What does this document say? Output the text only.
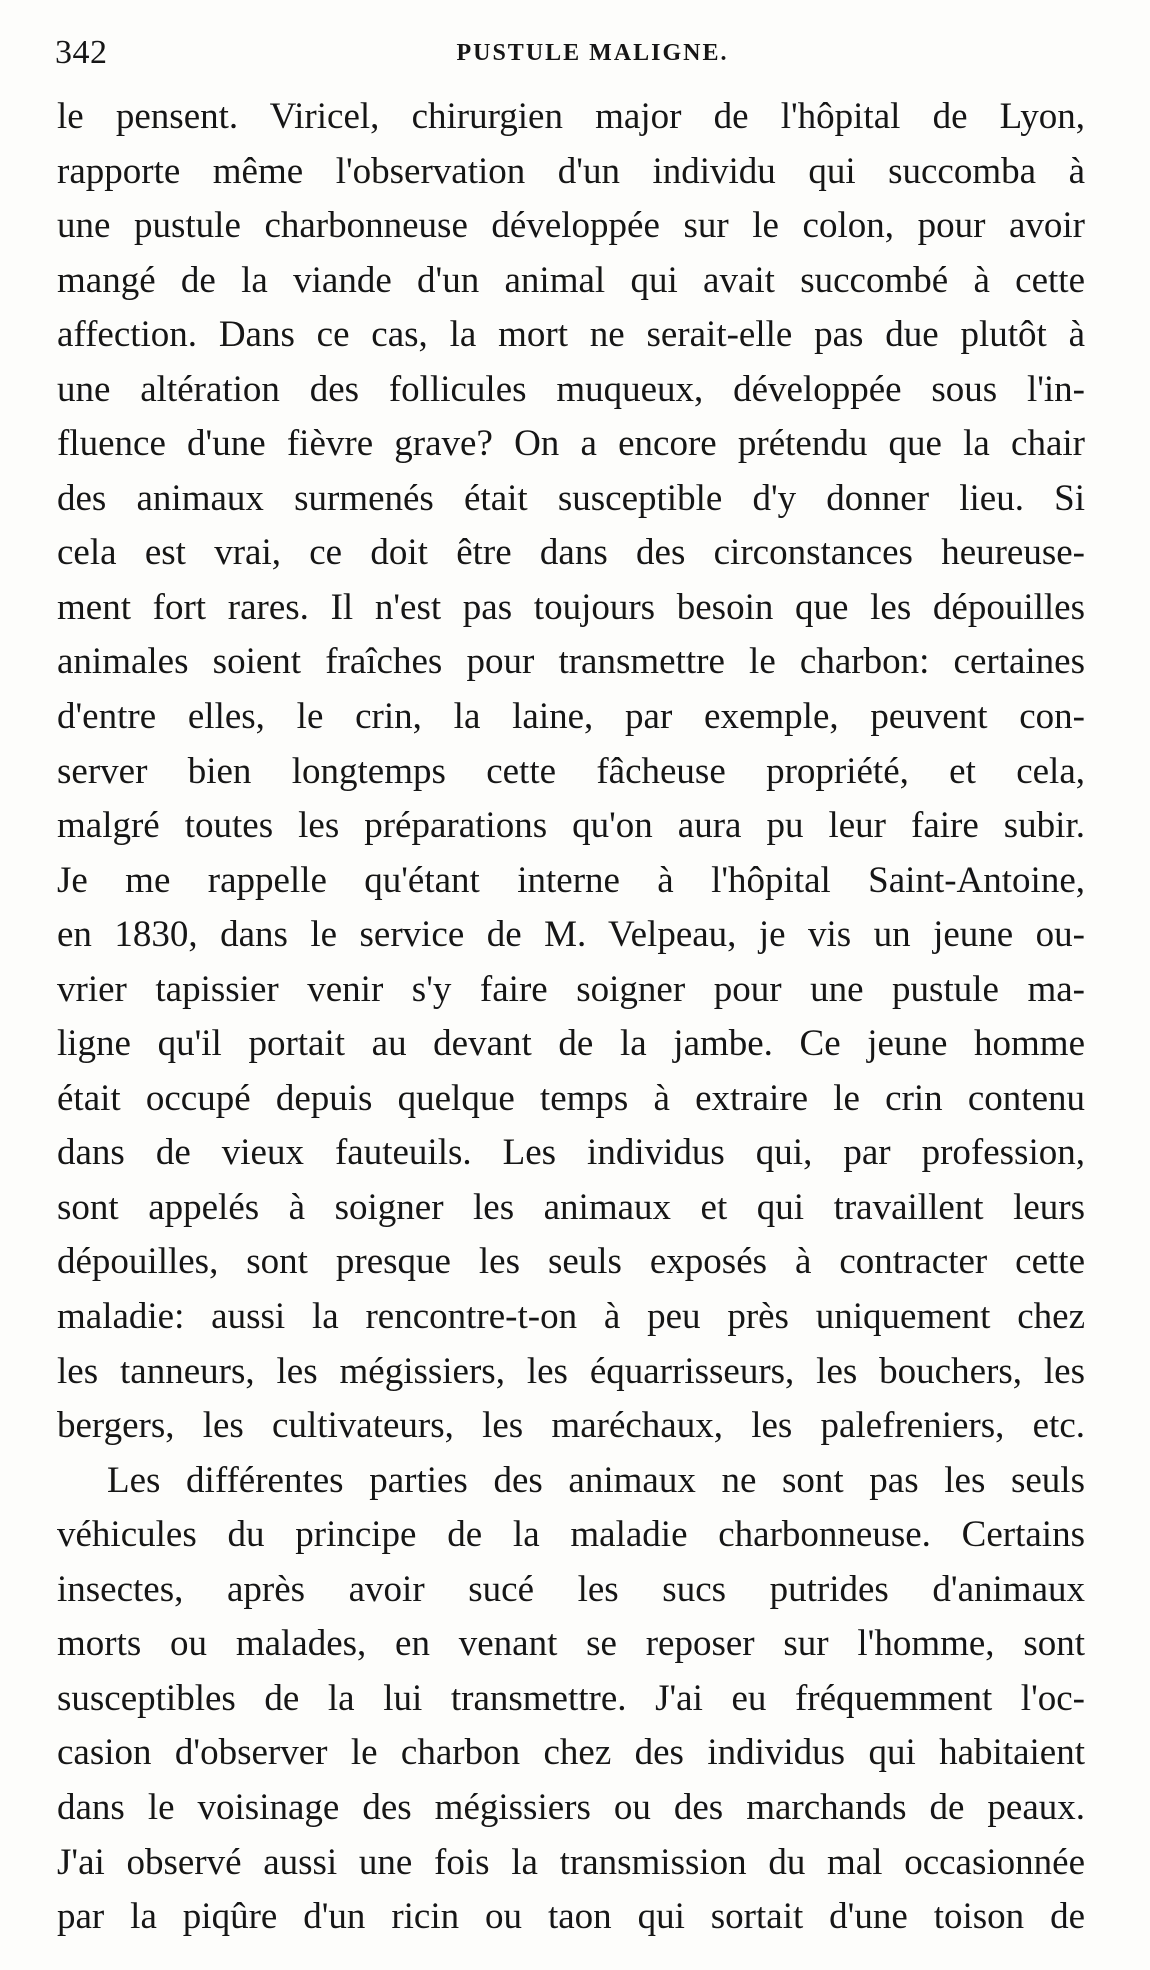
342	PUSTULE MALIGNE.
le pensent. Viricel, chirurgien major de l'hôpital de Lyon,
rapporte même l'observation d'un individu qui succomba à
une pustule charbonneuse développée sur le colon, pour avoir
mangé de la viande d'un animal qui avait succombé à cette
affection. Dans ce cas, la mort ne serait-elle pas due plutôt à
une altération des follicules muqueux, développée sous l'in-
fluence d'une fièvre grave? On a encore prétendu que la chair
des animaux surmenés était susceptible d'y donner lieu. Si
cela est vrai, ce doit être dans des circonstances heureuse-
ment fort rares. Il n'est pas toujours besoin que les dépouilles
animales soient fraîches pour transmettre le charbon: certaines
d'entre elles, le crin, la laine, par exemple, peuvent con-
server bien longtemps cette fâcheuse propriété, et cela,
malgré toutes les préparations qu'on aura pu leur faire subir.
Je me rappelle qu'étant interne à l'hôpital Saint-Antoine,
en 1830, dans le service de M. Velpeau, je vis un jeune ou-
vrier tapissier venir s'y faire soigner pour une pustule ma-
ligne qu'il portait au devant de la jambe. Ce jeune homme
était occupé depuis quelque temps à extraire le crin contenu
dans de vieux fauteuils. Les individus qui, par profession,
sont appelés à soigner les animaux et qui travaillent leurs
dépouilles, sont presque les seuls exposés à contracter cette
maladie: aussi la rencontre-t-on à peu près uniquement chez
les tanneurs, les mégissiers, les équarrisseurs, les bouchers, les
bergers, les cultivateurs, les maréchaux, les palefreniers, etc.
Les différentes parties des animaux ne sont pas les seuls
véhicules du principe de la maladie charbonneuse. Certains
insectes, après avoir sucé les sucs putrides d'animaux
morts ou malades, en venant se reposer sur l'homme, sont
susceptibles de la lui transmettre. J'ai eu fréquemment l'oc-
casion d'observer le charbon chez des individus qui habitaient
dans le voisinage des mégissiers ou des marchands de peaux.
J'ai observé aussi une fois la transmission du mal occasionnée
par la piqûre d'un ricin ou taon qui sortait d'une toison de
